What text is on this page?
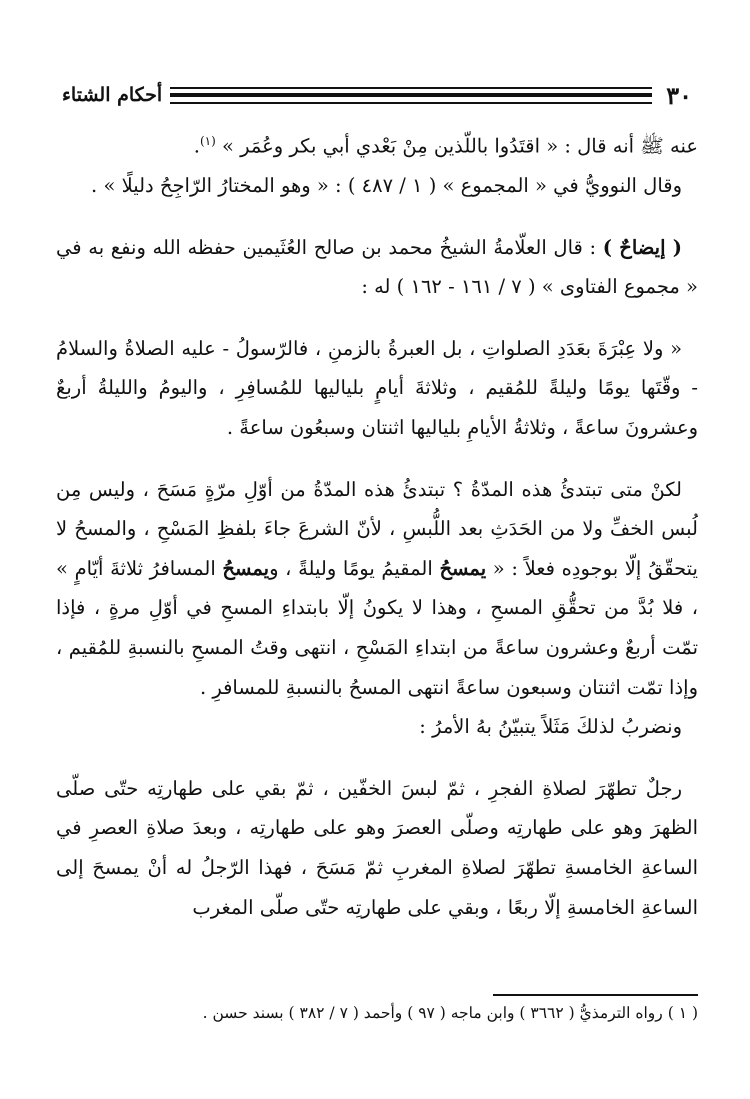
أحكام الشتاء	٣٠

عنه ﷺ أنه قال : « اقتَدُوا باللّذين مِنْ بَعْدي أبي بكر وعُمَر » $^{(١)}$.

وقال النوويُّ في « المجموع » ( ١ / ٤٨٧ ) : « وهو المختارُ الرّاجِحُ دليلًا » .

( إيضاحٌ ) : قال العلّامةُ الشيخُ محمد بن صالح العُثَيمين حفظه الله ونفع به في « مجموع الفتاوى » ( ٧ / ١٦١ - ١٦٢ ) له :

« ولا عِبْرَةَ بعَدَدِ الصلواتِ ، بل العبرةُ بالزمنِ ، فالرّسولُ - عليه الصلاةُ والسلامُ - وقّتَها يومًا وليلةً للمُقيم ، وثلاثةَ أيامٍ بلياليها للمُسافِرِ ، واليومُ والليلةُ أربعٌ وعشرونَ ساعةً ، وثلاثةُ الأيامِ بلياليها اثنتان وسبعُون ساعةً .

لكنْ متى تبتدئُ هذه المدّةُ ؟ تبتدئُ هذه المدّةُ من أوّلِ مرّةٍ مَسَحَ ، وليس مِن لُبس الخفِّ ولا من الحَدَثِ بعد اللُّبسِ ، لأنّ الشرعَ جاءَ بلفظِ المَسْحِ ، والمسحُ لا يتحقّقُ إلّا بوجودِه فعلاً : « يمسحُ المقيمُ يومًا وليلةً ، ويمسحُ المسافرُ ثلاثةَ أيّامٍ » ، فلا بُدَّ من تحقُّقِ المسحِ ، وهذا لا يكونُ إلّا بابتداءِ المسحِ في أوّلِ مرةٍ ، فإذا تمّت أربعٌ وعشرون ساعةً من ابتداءِ المَسْحِ ، انتهى وقتُ المسحِ بالنسبةِ للمُقيم ، وإذا تمّت اثنتان وسبعون ساعةً انتهى المسحُ بالنسبةِ للمسافرِ .

ونضربُ لذلكَ مَثَلاً يتبيّنُ بهُ الأمرُ :

رجلٌ تطهّرَ لصلاةِ الفجرِ ، ثمّ لبسَ الخفّين ، ثمّ بقي على طهارتِه حتّى صلّى الظهرَ وهو على طهارتِه وصلّى العصرَ وهو على طهارتِه ، وبعدَ صلاةِ العصرِ في الساعةِ الخامسةِ تطهّرَ لصلاةِ المغربِ ثمّ مَسَحَ ، فهذا الرّجلُ له أنْ يمسحَ إلى الساعةِ الخامسةِ إلّا ربعًا ، وبقي على طهارتِه حتّى صلّى المغرب

( ١ ) رواه الترمذيُّ ( ٣٦٦٢ ) وابن ماجه ( ٩٧ ) وأحمد ( ٧ / ٣٨٢ ) بسند حسن .
